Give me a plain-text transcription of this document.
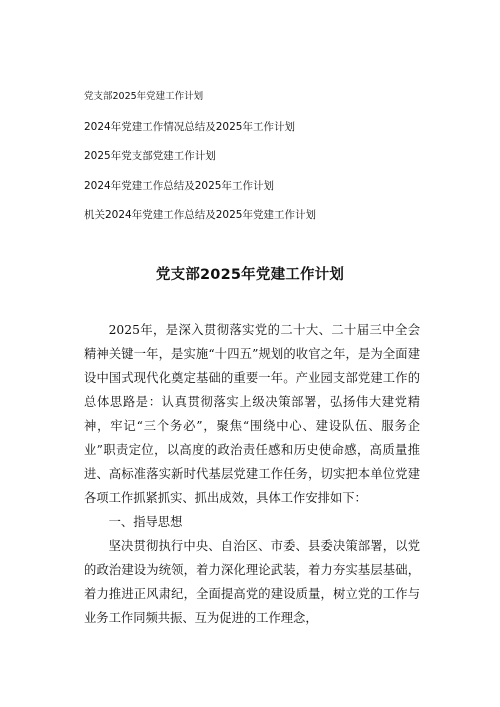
党支部2025年党建工作计划
2024年党建工作情况总结及2025年工作计划
2025年党支部党建工作计划
2024年党建工作总结及2025年工作计划
机关2024年党建工作总结及2025年党建工作计划
党支部2025年党建工作计划

2025年，是深入贯彻落实党的二十大、二十届三中全会精神关键一年，是实施“十四五”规划的收官之年，是为全面建设中国式现代化奠定基础的重要一年。产业园支部党建工作的总体思路是：认真贯彻落实上级决策部署，弘扬伟大建党精神，牢记“三个务必”，聚焦“围绕中心、建设队伍、服务企业”职责定位，以高度的政治责任感和历史使命感，高质量推进、高标准落实新时代基层党建工作任务，切实把本单位党建各项工作抓紧抓实、抓出成效，具体工作安排如下：

一、指导思想

坚决贯彻执行中央、自治区、市委、县委决策部署，以党的政治建设为统领，着力深化理论武装，着力夯实基层基础，着力推进正风肃纪，全面提高党的建设质量，树立党的工作与业务工作同频共振、互为促进的工作理念，
